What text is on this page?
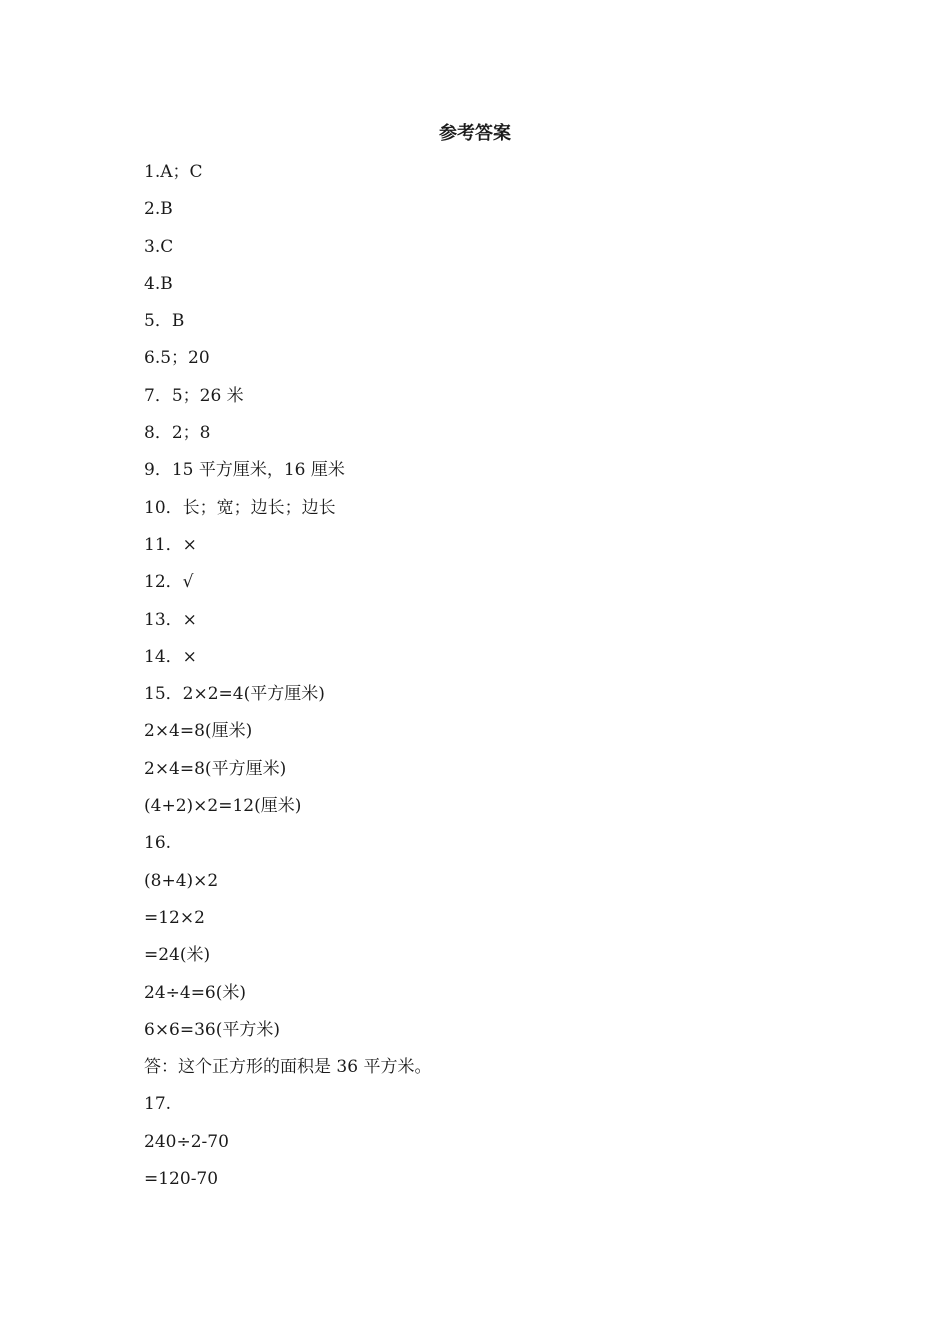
参考答案
1.A；C
2.B
3.C
4.B
5．B
6.5；20
7．5；26 米
8．2；8
9．15 平方厘米，16 厘米
10．长；宽；边长；边长
11．×
12．√
13．×
14．×
15．2×2=4(平方厘米)
2×4=8(厘米)
2×4=8(平方厘米)
(4+2)×2=12(厘米)
16.
(8+4)×2
=12×2
=24(米)
24÷4=6(米)
6×6=36(平方米)
答：这个正方形的面积是 36 平方米。
17.
240÷2-70
=120-70
